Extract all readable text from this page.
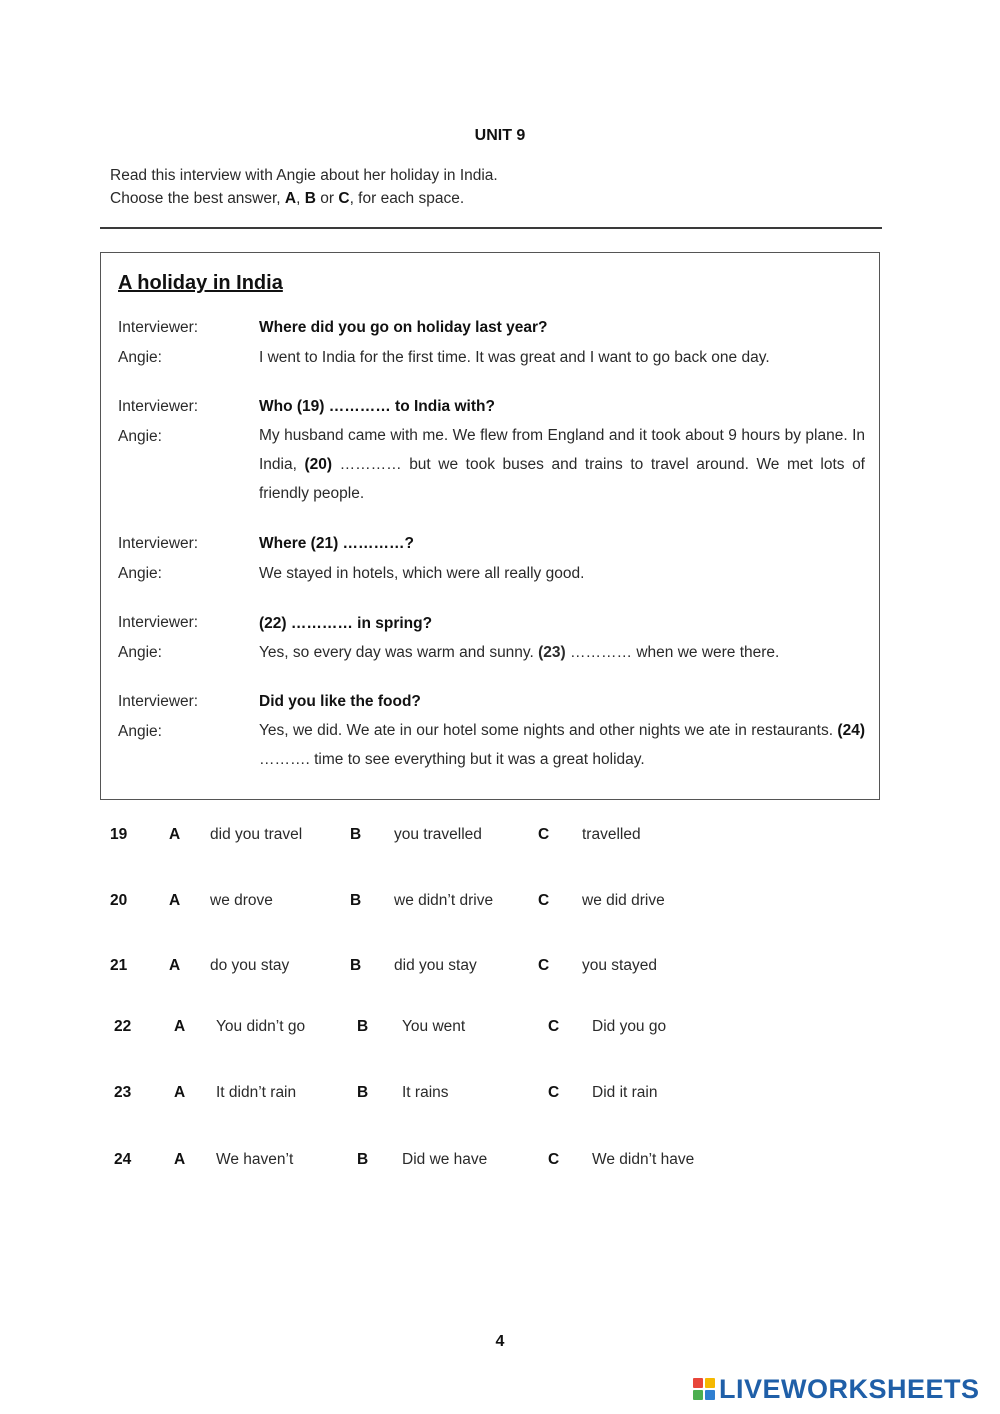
UNIT 9
Read this interview with Angie about her holiday in India.
Choose the best answer, A, B or C, for each space.
A holiday in India
Interviewer:	Where did you go on holiday last year?
Angie:	I went to India for the first time. It was great and I want to go back one day.
Interviewer:	Who (19) ………… to India with?
Angie:	My husband came with me. We flew from England and it took about 9 hours by plane. In India, (20) ………… but we took buses and trains to travel around. We met lots of friendly people.
Interviewer:	Where (21) …………?
Angie:	We stayed in hotels, which were all really good.
Interviewer:	(22) ………… in spring?
Angie:	Yes, so every day was warm and sunny. (23) ………… when we were there.
Interviewer:	Did you like the food?
Angie:	Yes, we did. We ate in our hotel some nights and other nights we ate in restaurants. (24) ………. time to see everything but it was a great holiday.
19	A did you travel	B you travelled	C travelled
20	A we drove	B we didn’t drive	C we did drive
21	A do you stay	B did you stay	C you stayed
22	A You didn’t go	B You went	C Did you go
23	A It didn’t rain	B It rains	C Did it rain
24	A We haven’t	B Did we have	C We didn’t have
4
LIVEWORKSHEETS
